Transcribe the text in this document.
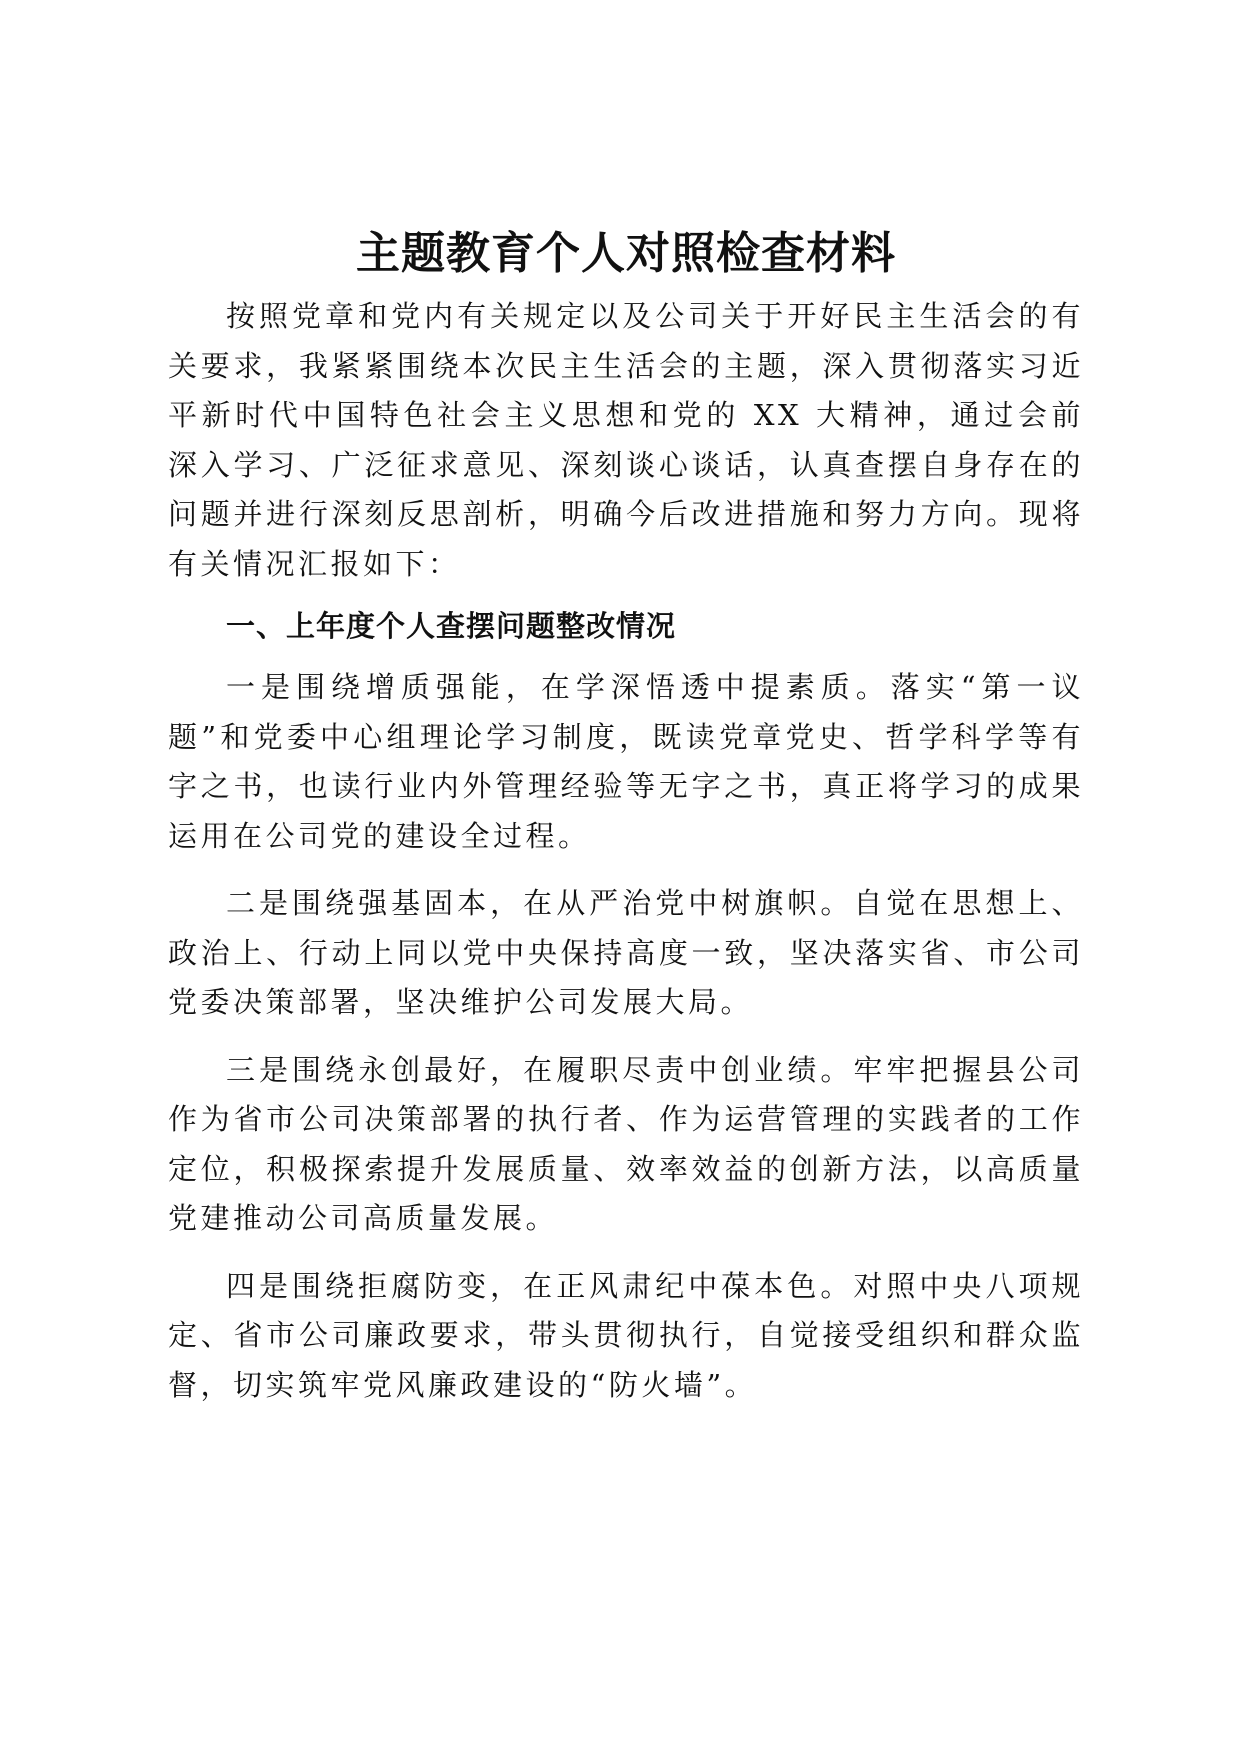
主题教育个人对照检查材料

按照党章和党内有关规定以及公司关于开好民主生活会的有关要求，我紧紧围绕本次民主生活会的主题，深入贯彻落实习近平新时代中国特色社会主义思想和党的 XX 大精神，通过会前深入学习、广泛征求意见、深刻谈心谈话，认真查摆自身存在的问题并进行深刻反思剖析，明确今后改进措施和努力方向。现将有关情况汇报如下：

一、上年度个人查摆问题整改情况

一是围绕增质强能，在学深悟透中提素质。落实“第一议题”和党委中心组理论学习制度，既读党章党史、哲学科学等有字之书，也读行业内外管理经验等无字之书，真正将学习的成果运用在公司党的建设全过程。

二是围绕强基固本，在从严治党中树旗帜。自觉在思想上、政治上、行动上同以党中央保持高度一致，坚决落实省、市公司党委决策部署，坚决维护公司发展大局。

三是围绕永创最好，在履职尽责中创业绩。牢牢把握县公司作为省市公司决策部署的执行者、作为运营管理的实践者的工作定位，积极探索提升发展质量、效率效益的创新方法，以高质量党建推动公司高质量发展。

四是围绕拒腐防变，在正风肃纪中葆本色。对照中央八项规定、省市公司廉政要求，带头贯彻执行，自觉接受组织和群众监督，切实筑牢党风廉政建设的“防火墙”。
